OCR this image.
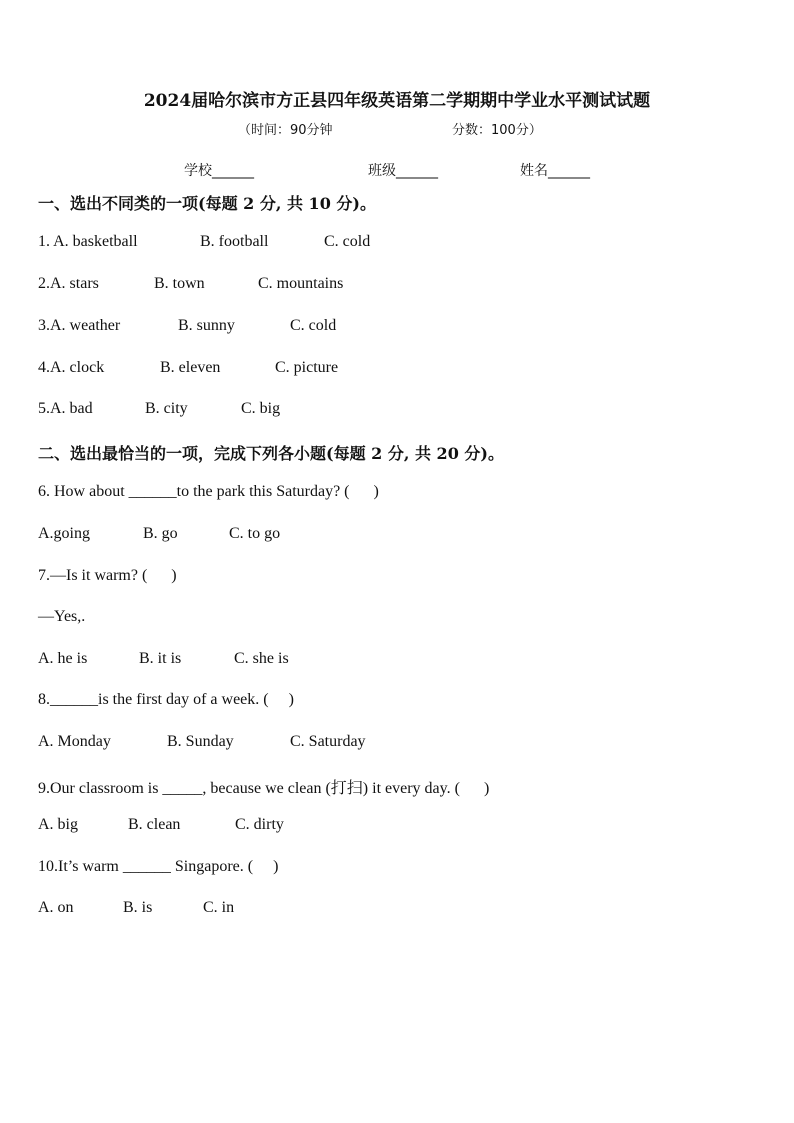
2024届哈尔滨市方正县四年级英语第二学期期中学业水平测试试题
（时间：90分钟	分数：100分）
学校______	班级______	姓名______
一、选出不同类的一项(每题 2 分, 共 10 分)。
1. A. basketball	B. football	C. cold
2.A. stars	B. town	C. mountains
3.A. weather	B. sunny	C. cold
4.A. clock	B. eleven	C. picture
5.A. bad	B. city	C. big
二、选出最恰当的一项，完成下列各小题(每题 2 分, 共 20 分)。
6. How about ______to the park this Saturday? (      )
A.going	B. go	C. to go
7.—Is it warm? (      )
—Yes,.
A. he is	B. it is	C. she is
8.______is the first day of a week. (     )
A. Monday	B. Sunday	C. Saturday
9.Our classroom is _____, because we clean (打扫) it every day. (      )
A. big	B. clean	C. dirty
10.It’s warm ______ Singapore. (     )
A. on	B. is	C. in
